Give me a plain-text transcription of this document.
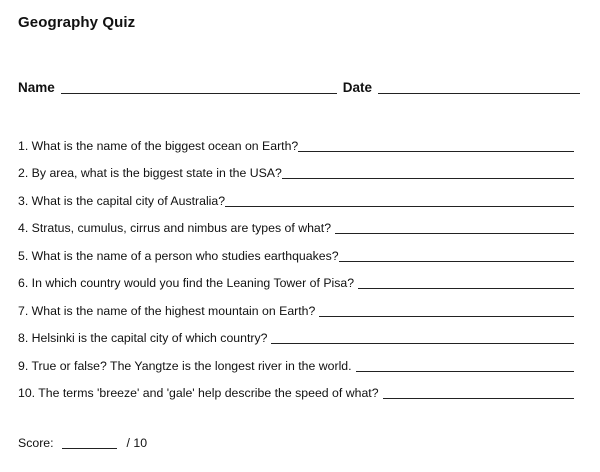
Geography Quiz
Name	Date
1. What is the name of the biggest ocean on Earth?
2. By area, what is the biggest state in the USA?
3. What is the capital city of Australia?
4. Stratus, cumulus, cirrus and nimbus are types of what?
5. What is the name of a person who studies earthquakes?
6. In which country would you find the Leaning Tower of Pisa?
7. What is the name of the highest mountain on Earth?
8. Helsinki is the capital city of which country?
9. True or false? The Yangtze is the longest river in the world.
10. The terms 'breeze' and 'gale' help describe the speed of what?
Score:	/ 10
